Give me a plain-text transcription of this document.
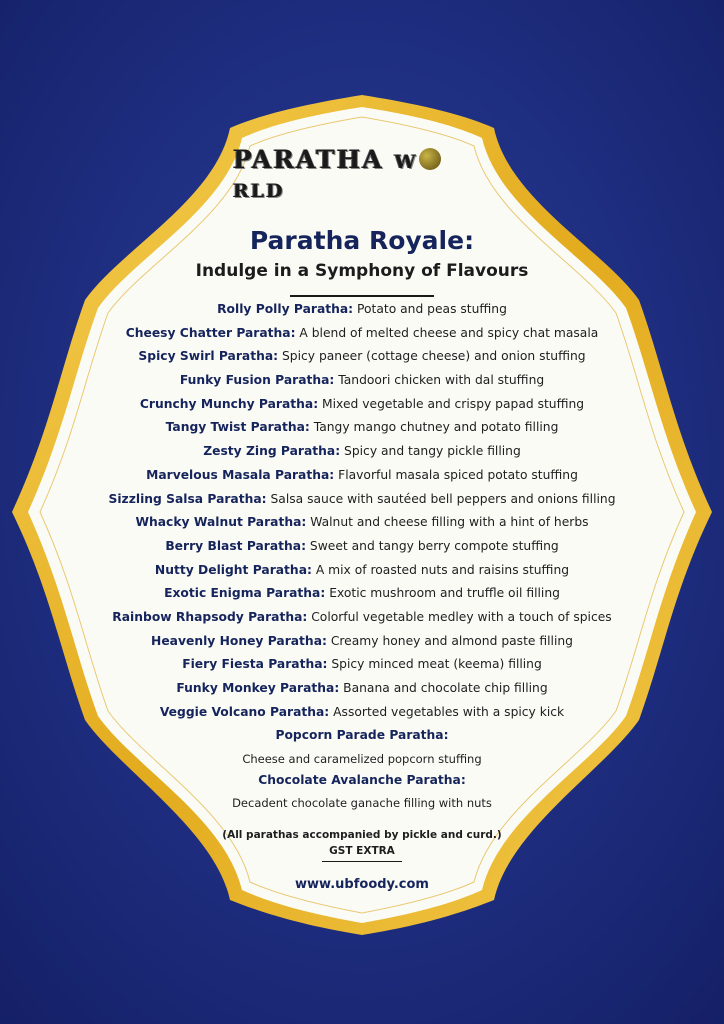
PARATHA WRLD
Paratha Royale:
Indulge in a Symphony of Flavours
Rolly Polly Paratha: Potato and peas stuffing
Cheesy Chatter Paratha: A blend of melted cheese and spicy chat masala
Spicy Swirl Paratha: Spicy paneer (cottage cheese) and onion stuffing
Funky Fusion Paratha: Tandoori chicken with dal stuffing
Crunchy Munchy Paratha: Mixed vegetable and crispy papad stuffing
Tangy Twist Paratha: Tangy mango chutney and potato filling
Zesty Zing Paratha: Spicy and tangy pickle filling
Marvelous Masala Paratha: Flavorful masala spiced potato stuffing
Sizzling Salsa Paratha: Salsa sauce with sautéed bell peppers and onions filling
Whacky Walnut Paratha: Walnut and cheese filling with a hint of herbs
Berry Blast Paratha: Sweet and tangy berry compote stuffing
Nutty Delight Paratha: A mix of roasted nuts and raisins stuffing
Exotic Enigma Paratha: Exotic mushroom and truffle oil filling
Rainbow Rhapsody Paratha: Colorful vegetable medley with a touch of spices
Heavenly Honey Paratha: Creamy honey and almond paste filling
Fiery Fiesta Paratha: Spicy minced meat (keema) filling
Funky Monkey Paratha: Banana and chocolate chip filling
Veggie Volcano Paratha: Assorted vegetables with a spicy kick
Popcorn Parade Paratha:
Cheese and caramelized popcorn stuffing
Chocolate Avalanche Paratha:
Decadent chocolate ganache filling with nuts
(All parathas accompanied by pickle and curd.)
GST EXTRA
www.ubfoody.com
